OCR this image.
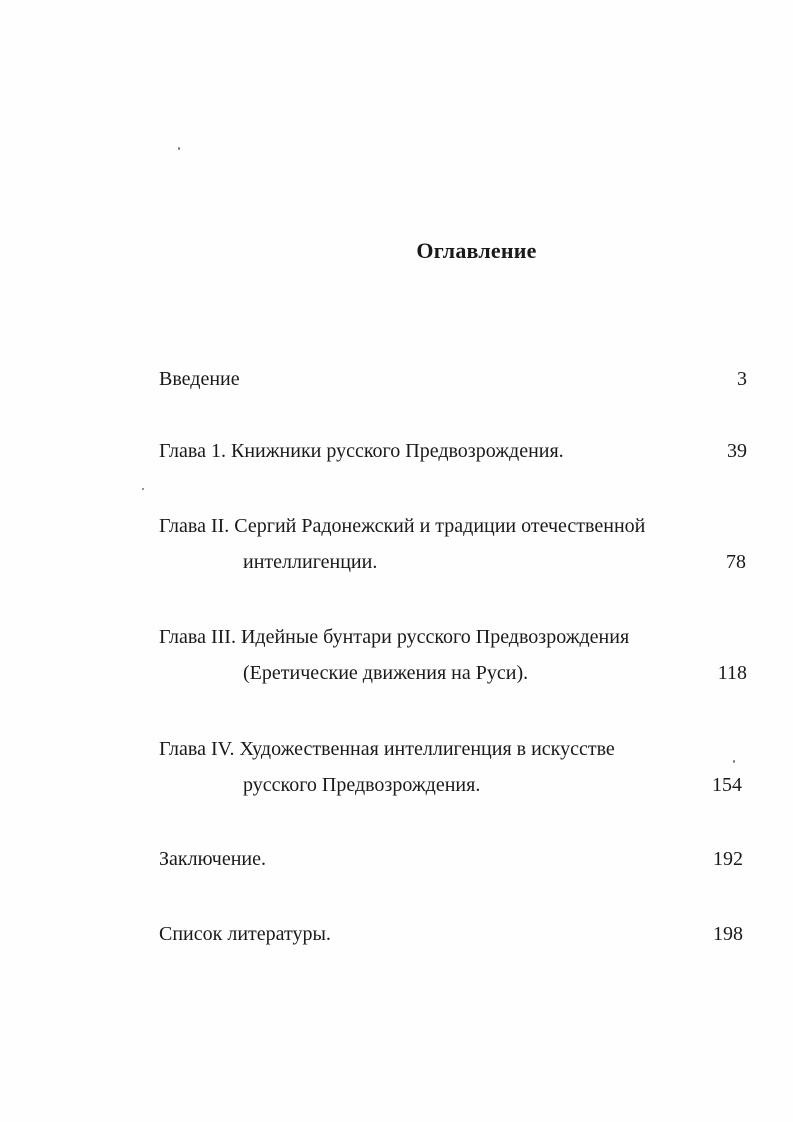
Оглавление
Введение	3
Глава 1. Книжники русского Предвозрождения.	39
Глава II. Сергий Радонежский и традиции отечественной
интеллигенции.	78
Глава III. Идейные бунтари русского Предвозрождения
(Еретические движения на Руси).	118
Глава IV. Художественная интеллигенция в искусстве
русского Предвозрождения.	154
Заключение.	192
Список литературы.	198
